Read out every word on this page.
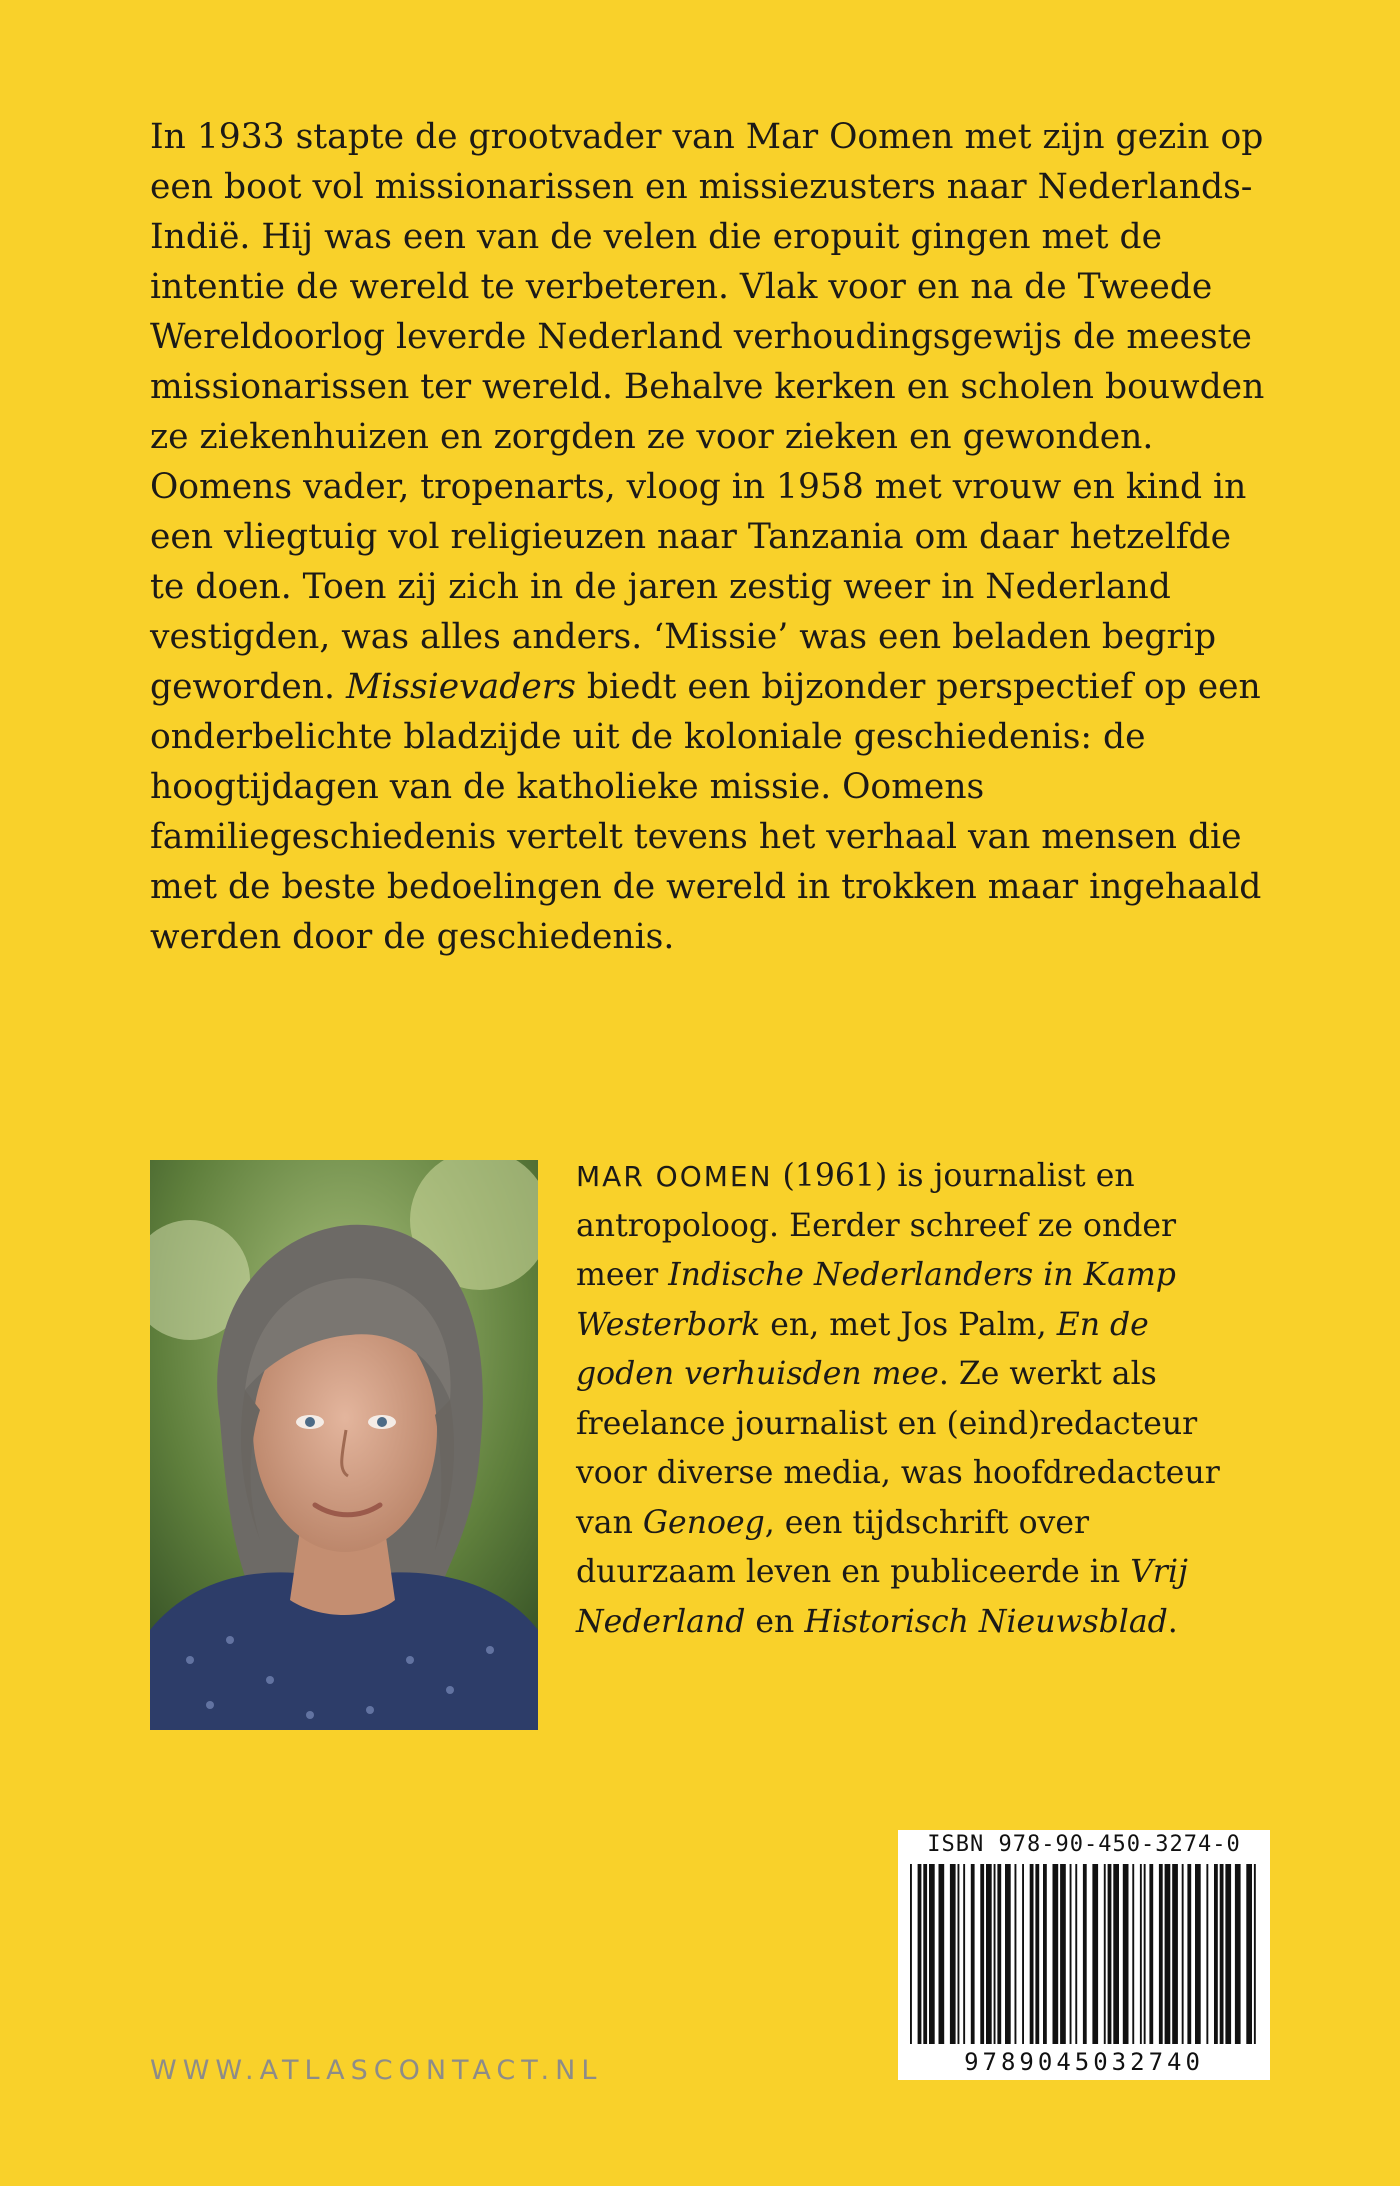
In 1933 stapte de grootvader van Mar Oomen met zijn gezin op een boot vol missionarissen en missiezusters naar Nederlands-Indië. Hij was een van de velen die eropuit gingen met de intentie de wereld te verbeteren. Vlak voor en na de Tweede Wereldoorlog leverde Nederland verhoudingsgewijs de meeste missionarissen ter wereld. Behalve kerken en scholen bouwden ze ziekenhuizen en zorgden ze voor zieken en gewonden. Oomens vader, tropenarts, vloog in 1958 met vrouw en kind in een vliegtuig vol religieuzen naar Tanzania om daar hetzelfde te doen. Toen zij zich in de jaren zestig weer in Nederland vestigden, was alles anders. ‘Missie’ was een beladen begrip geworden. Missievaders biedt een bijzonder perspectief op een onderbelichte bladzijde uit de koloniale geschiedenis: de hoogtijdagen van de katholieke missie. Oomens familiegeschiedenis vertelt tevens het verhaal van mensen die met de beste bedoelingen de wereld in trokken maar ingehaald werden door de geschiedenis.

MAR OOMEN (1961) is journalist en antropoloog. Eerder schreef ze onder meer Indische Nederlanders in Kamp Westerbork en, met Jos Palm, En de goden verhuisden mee. Ze werkt als freelance journalist en (eind)redacteur voor diverse media, was hoofdredacteur van Genoeg, een tijdschrift over duurzaam leven en publiceerde in Vrij Nederland en Historisch Nieuwsblad.
WWW.ATLASCONTACT.NL
ISBN 978-90-450-3274-0
9789045032740
